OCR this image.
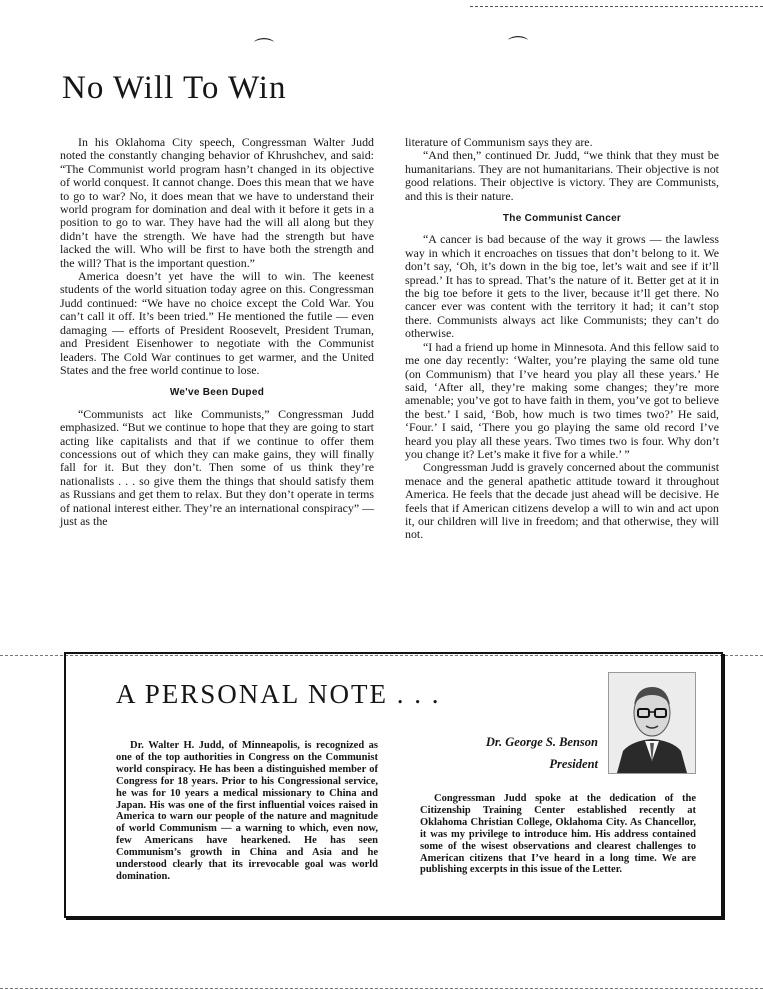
⌒	⌒
No Will To Win

In his Oklahoma City speech, Congressman Walter Judd noted the constantly changing behavior of Khrushchev, and said: “The Communist world program hasn’t changed in its objective of world conquest. It cannot change. Does this mean that we have to go to war? No, it does mean that we have to understand their world program for domination and deal with it before it gets in a position to go to war. They have had the will all along but they didn’t have the strength. We have had the strength but have lacked the will. Who will be first to have both the strength and the will? That is the important question.”

America doesn’t yet have the will to win. The keenest students of the world situation today agree on this. Congressman Judd continued: “We have no choice except the Cold War. You can’t call it off. It’s been tried.” He mentioned the futile — even damaging — efforts of President Roosevelt, President Truman, and President Eisenhower to negotiate with the Communist leaders. The Cold War continues to get warmer, and the United States and the free world continue to lose.

We've Been Duped

“Communists act like Communists,” Congressman Judd emphasized. “But we continue to hope that they are going to start acting like capitalists and that if we continue to offer them concessions out of which they can make gains, they will finally fall for it. But they don’t. Then some of us think they’re nationalists . . . so give them the things that should satisfy them as Russians and get them to relax. But they don’t operate in terms of national interest either. They’re an international conspiracy” — just as the

literature of Communism says they are.

“And then,” continued Dr. Judd, “we think that they must be humanitarians. They are not humanitarians. Their objective is not good relations. Their objective is victory. They are Communists, and this is their nature.

The Communist Cancer

“A cancer is bad because of the way it grows — the lawless way in which it encroaches on tissues that don’t belong to it. We don’t say, ‘Oh, it’s down in the big toe, let’s wait and see if it’ll spread.’ It has to spread. That’s the nature of it. Better get at it in the big toe before it gets to the liver, because it’ll get there. No cancer ever was content with the territory it had; it can’t stop there. Communists always act like Communists; they can’t do otherwise.

“I had a friend up home in Minnesota. And this fellow said to me one day recently: ‘Walter, you’re playing the same old tune (on Communism) that I’ve heard you play all these years.’ He said, ‘After all, they’re making some changes; they’re more amenable; you’ve got to have faith in them, you’ve got to believe the best.’ I said, ‘Bob, how much is two times two?’ He said, ‘Four.’ I said, ‘There you go playing the same old record I’ve heard you play all these years. Two times two is four. Why don’t you change it? Let’s make it five for a while.’ ”

Congressman Judd is gravely concerned about the communist menace and the general apathetic attitude toward it throughout America. He feels that the decade just ahead will be decisive. He feels that if American citizens develop a will to win and act upon it, our children will live in freedom; and that otherwise, they will not.

A PERSONAL NOTE . . .

Dr. Walter H. Judd, of Minneapolis, is recognized as one of the top authorities in Congress on the Communist world conspiracy. He has been a distinguished member of Congress for 18 years. Prior to his Congressional service, he was for 10 years a medical missionary to China and Japan. His was one of the first influential voices raised in America to warn our people of the nature and magnitude of world Communism — a warning to which, even now, few Americans have hearkened. He has seen Communism’s growth in China and Asia and he understood clearly that its irrevocable goal was world domination.

Dr. George S. Benson
President

Congressman Judd spoke at the dedication of the Citizenship Training Center established recently at Oklahoma Christian College, Oklahoma City. As Chancellor, it was my privilege to introduce him. His address contained some of the wisest observations and clearest challenges to American citizens that I’ve heard in a long time. We are publishing excerpts in this issue of the Letter.
